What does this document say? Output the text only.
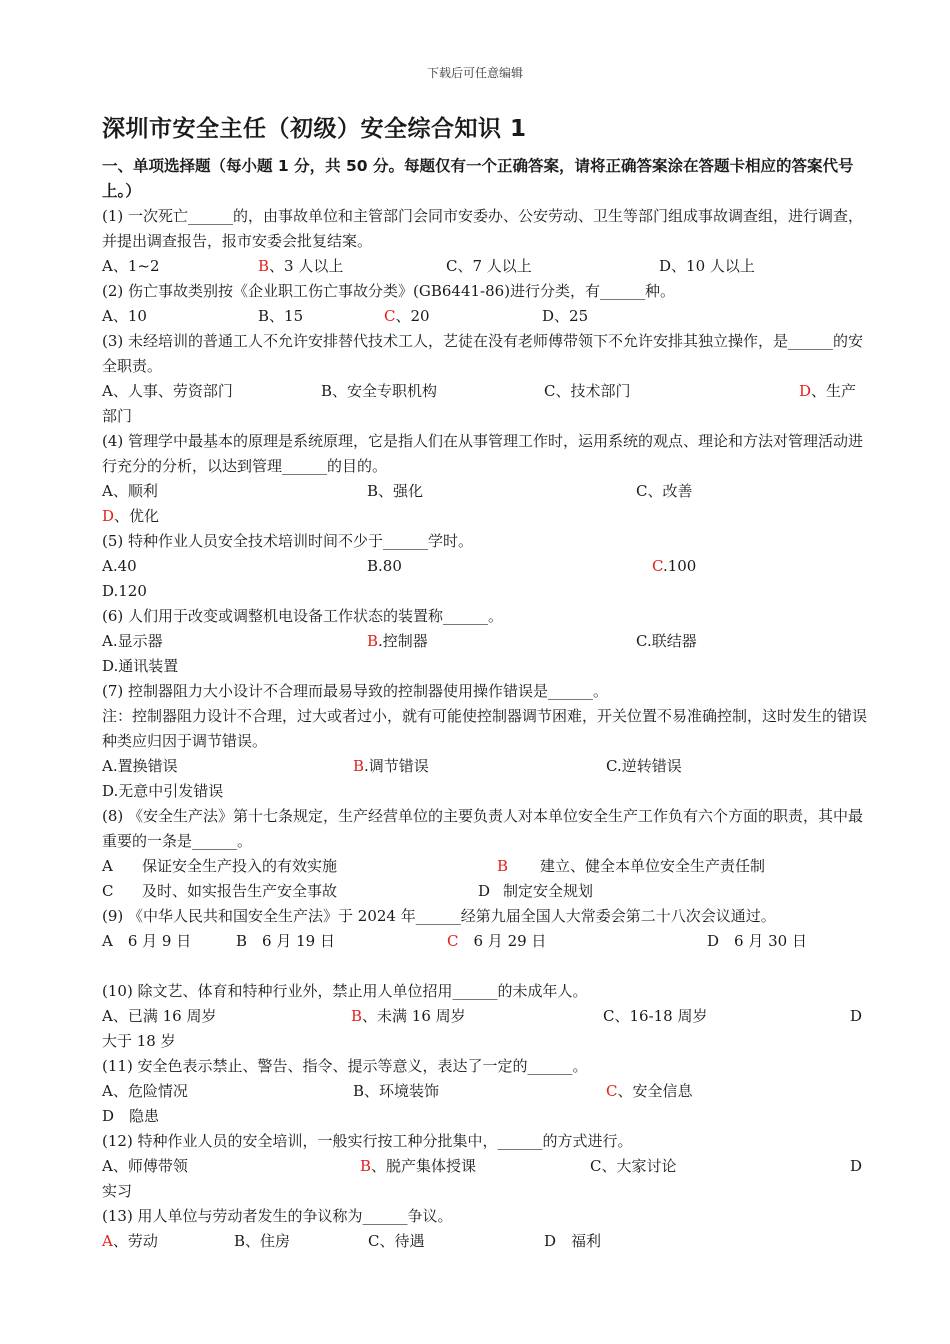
下载后可任意编辑
深圳市安全主任（初级）安全综合知识 1
一、单项选择题（每小题 1 分，共 50 分。每题仅有一个正确答案，请将正确答案涂在答题卡相应的答案代号上。）
(1) 一次死亡______的，由事故单位和主管部门会同市安委办、公安劳动、卫生等部门组成事故调查组，进行调查，并提出调查报告，报市安委会批复结案。
A、1~2	B、3 人以上	C、7 人以上	D、10 人以上
(2) 伤亡事故类别按《企业职工伤亡事故分类》(GB6441-86)进行分类，有______种。
A、10	B、15	C、20	D、25
(3) 未经培训的普通工人不允许安排替代技术工人，艺徒在没有老师傅带领下不允许安排其独立操作，是______的安全职责。
A、人事、劳资部门	B、安全专职机构	C、技术部门	D、生产
部门
(4) 管理学中最基本的原理是系统原理，它是指人们在从事管理工作时，运用系统的观点、理论和方法对管理活动进行充分的分析，以达到管理______的目的。
A、顺利	B、强化	C、改善
D、优化
(5) 特种作业人员安全技术培训时间不少于______学时。
A.40	B.80	C.100
D.120
(6) 人们用于改变或调整机电设备工作状态的装置称______。
A.显示器	B.控制器	C.联结器
D.通讯装置
(7) 控制器阻力大小设计不合理而最易导致的控制器使用操作错误是______。
注：控制器阻力设计不合理，过大或者过小，就有可能使控制器调节困难，开关位置不易准确控制，这时发生的错误种类应归因于调节错误。
A.置换错误	B.调节错误	C.逆转错误
D.无意中引发错误
(8) 《安全生产法》第十七条规定，生产经营单位的主要负责人对本单位安全生产工作负有六个方面的职责，其中最重要的一条是______。
A 保证安全生产投入的有效实施	B 建立、健全本单位安全生产责任制
C 及时、如实报告生产安全事故	D 制定安全规划
(9) 《中华人民共和国安全生产法》于 2024 年______经第九届全国人大常委会第二十八次会议通过。
A　6 月 9 日	B　6 月 19 日	C　6 月 29 日	D　6 月 30 日
(10) 除文艺、体育和特种行业外，禁止用人单位招用______的未成年人。
A、已满 16 周岁	B、未满 16 周岁	C、16-18 周岁	D
大于 18 岁
(11) 安全色表示禁止、警告、指令、提示等意义，表达了一定的______。
A、危险情况	B、环境装饰	C、安全信息
D　隐患
(12) 特种作业人员的安全培训，一般实行按工种分批集中，______的方式进行。
A、师傅带领	B、脱产集体授课	C、大家讨论	D
实习
(13) 用人单位与劳动者发生的争议称为______争议。
A、劳动	B、住房	C、待遇	D　福利
